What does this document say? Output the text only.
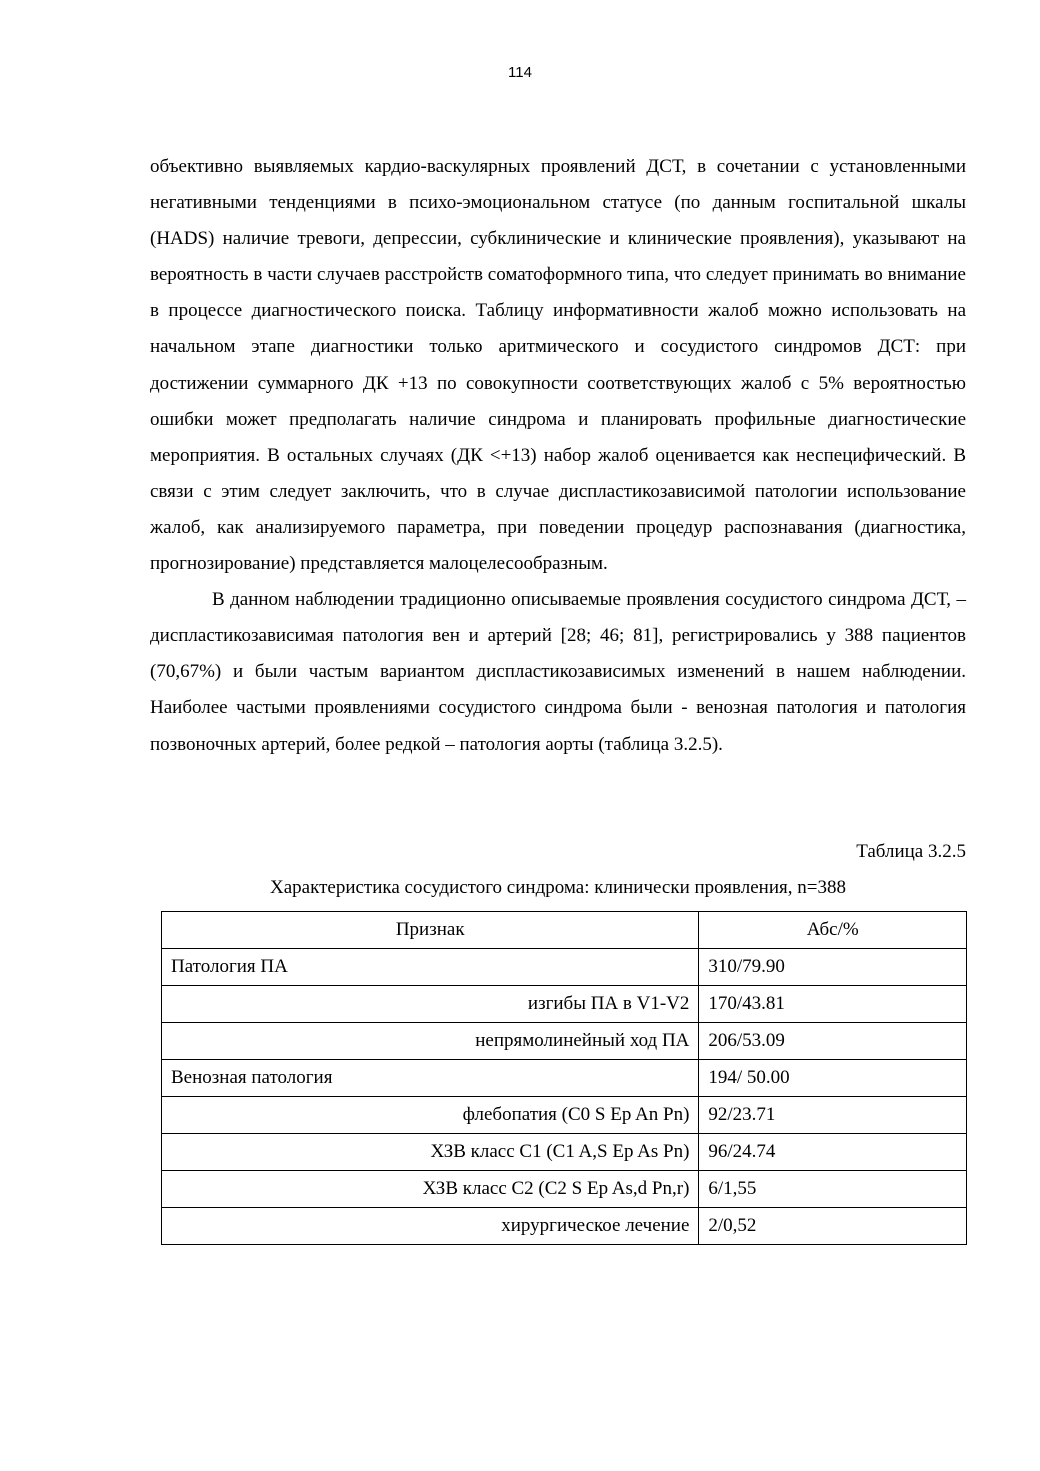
114

объективно выявляемых кардио-васкулярных проявлений ДСТ, в сочетании с установленными негативными тенденциями в психо-эмоциональном статусе (по данным госпитальной шкалы (HADS) наличие тревоги, депрессии, субклинические и клинические проявления), указывают на вероятность в части случаев расстройств соматоформного типа, что следует принимать во внимание в процессе диагностического поиска. Таблицу информативности жалоб можно использовать на начальном этапе диагностики только аритмического и сосудистого синдромов ДСТ: при достижении суммарного ДК +13 по совокупности соответствующих жалоб с 5% вероятностью ошибки может предполагать наличие синдрома и планировать профильные диагностические мероприятия. В остальных случаях (ДК <+13) набор жалоб оценивается как неспецифический. В связи с этим следует заключить, что в случае диспластикозависимой патологии использование жалоб, как анализируемого параметра, при поведении процедур распознавания (диагностика, прогнозирование) представляется малоцелесообразным.

В данном наблюдении традиционно описываемые проявления сосудистого синдрома ДСТ, – диспластикозависимая патология вен и артерий [28; 46; 81], регистрировались у 388 пациентов (70,67%) и были частым вариантом диспластикозависимых изменений в нашем наблюдении. Наиболее частыми проявлениями сосудистого синдрома были - венозная патология и патология позвоночных артерий, более редкой – патология аорты (таблица 3.2.5).

Таблица 3.2.5
Характеристика сосудистого синдрома: клинически проявления, n=388
Признак	Абс/%
Патология ПА	310/79.90
изгибы ПА в V1-V2	170/43.81
непрямолинейный ход ПА	206/53.09
Венозная патология	194/ 50.00
флебопатия (C0 S Ep An Pn)	92/23.71
ХЗВ класс С1 (C1 A,S Ep As Pn)	96/24.74
ХЗВ класс С2 (C2 S Ep As,d Pn,r)	6/1,55
хирургическое лечение	2/0,52
